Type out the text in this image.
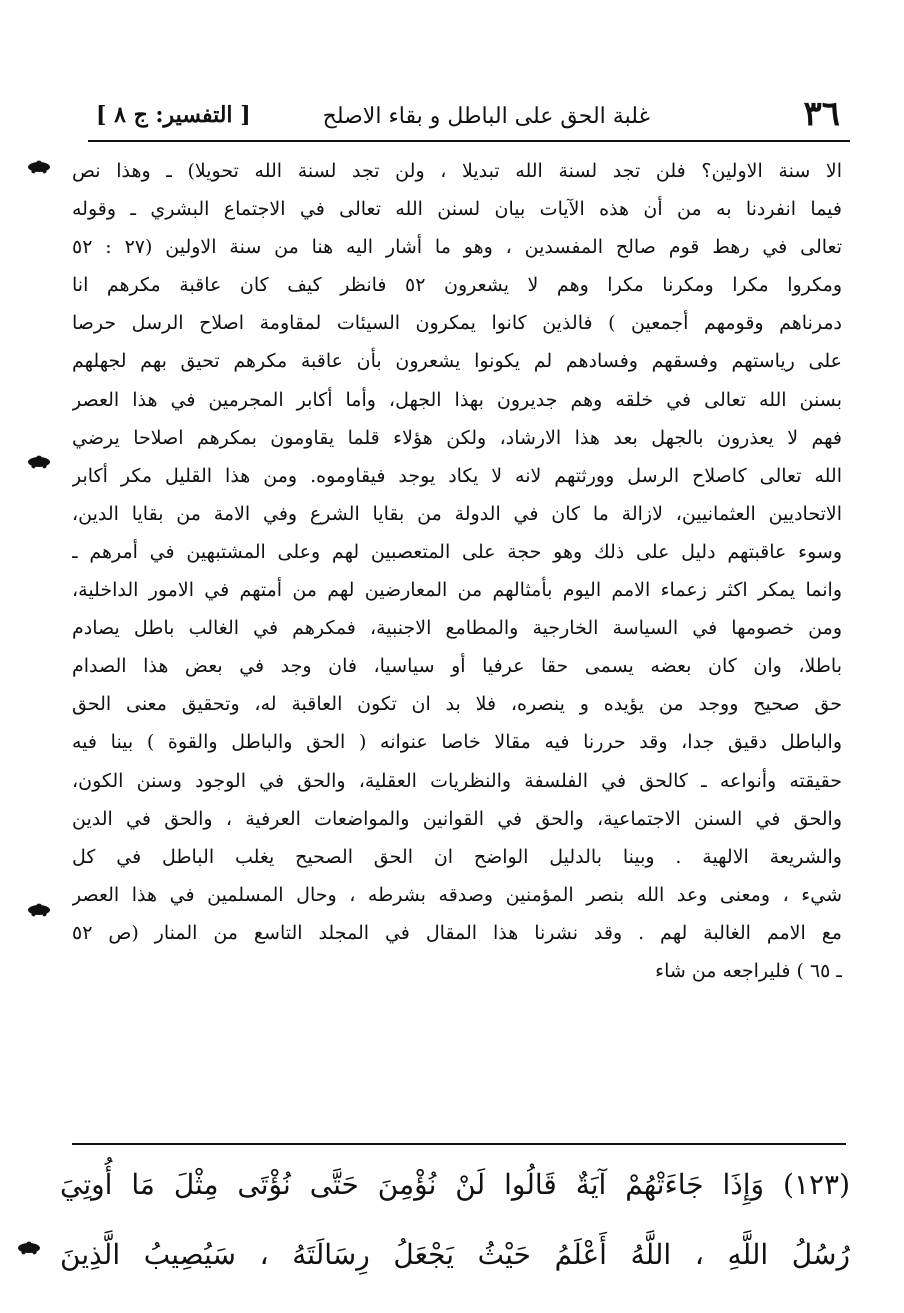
٣٦
غلبة الحق على الباطل و بقاء الاصلح
[ التفسير: ج ٨ ]
الا سنة الاولين؟ فلن تجد لسنة الله تبديلا ، ولن تجد لسنة الله تحويلا) ـ وهذا نص
فيما انفردنا به من أن هذه الآيات بيان لسنن الله تعالى في الاجتماع البشري ـ وقوله
تعالى في رهط قوم صالح المفسدين ، وهو ما أشار اليه هنا من سنة الاولين (٢٧ : ٥٢
ومكروا مكرا ومكرنا مكرا وهم لا يشعرون ٥٢ فانظر كيف كان عاقبة مكرهم انا
دمرناهم وقومهم أجمعين ) فالذين كانوا يمكرون السيئات لمقاومة اصلاح الرسل حرصا
على رياستهم وفسقهم وفسادهم لم يكونوا يشعرون بأن عاقبة مكرهم تحيق بهم لجهلهم
بسنن الله تعالى في خلقه وهم جديرون بهذا الجهل، وأما أكابر المجرمين في هذا العصر
فهم لا يعذرون بالجهل بعد هذا الارشاد، ولكن هؤلاء قلما يقاومون بمكرهم اصلاحا يرضي
الله تعالى كاصلاح الرسل وورثتهم لانه لا يكاد يوجد فيقاوموه. ومن هذا القليل مكر أكابر
الاتحاديين العثمانيين، لازالة ما كان في الدولة من بقايا الشرع وفي الامة من بقايا الدين،
وسوء عاقبتهم دليل على ذلك وهو حجة على المتعصبين لهم وعلى المشتبهين في أمرهم ـ
وانما يمكر اكثر زعماء الامم اليوم بأمثالهم من المعارضين لهم من أمتهم في الامور الداخلية،
ومن خصومها في السياسة الخارجية والمطامع الاجنبية، فمكرهم في الغالب باطل يصادم
باطلا، وان كان بعضه يسمى حقا عرفيا أو سياسيا، فان وجد في بعض هذا الصدام
حق صحيح ووجد من يؤيده و ينصره، فلا بد ان تكون العاقبة له، وتحقيق معنى الحق
والباطل دقيق جدا، وقد حررنا فيه مقالا خاصا عنوانه ( الحق والباطل والقوة ) بينا فيه
حقيقته وأنواعه ـ كالحق في الفلسفة والنظريات العقلية، والحق في الوجود وسنن الكون،
والحق في السنن الاجتماعية، والحق في القوانين والمواضعات العرفية ، والحق في الدين
والشريعة الالهية . وبينا بالدليل الواضح ان الحق الصحيح يغلب الباطل في كل
شيء ، ومعنى وعد الله بنصر المؤمنين وصدقه بشرطه ، وحال المسلمين في هذا العصر
مع الامم الغالبة لهم . وقد نشرنا هذا المقال في المجلد التاسع من المنار (ص ٥٢
ـ ٦٥ ) فليراجعه من شاء
(١٢٣) وَإِذَا جَاءَتْهُمْ آيَةٌ قَالُوا لَنْ نُؤْمِنَ حَتَّى نُؤْتَى مِثْلَ مَا أُوتِيَ
رُسُلُ اللَّهِ ، اللَّهُ أَعْلَمُ حَيْثُ يَجْعَلُ رِسَالَتَهُ ، سَيُصِيبُ الَّذِينَ
